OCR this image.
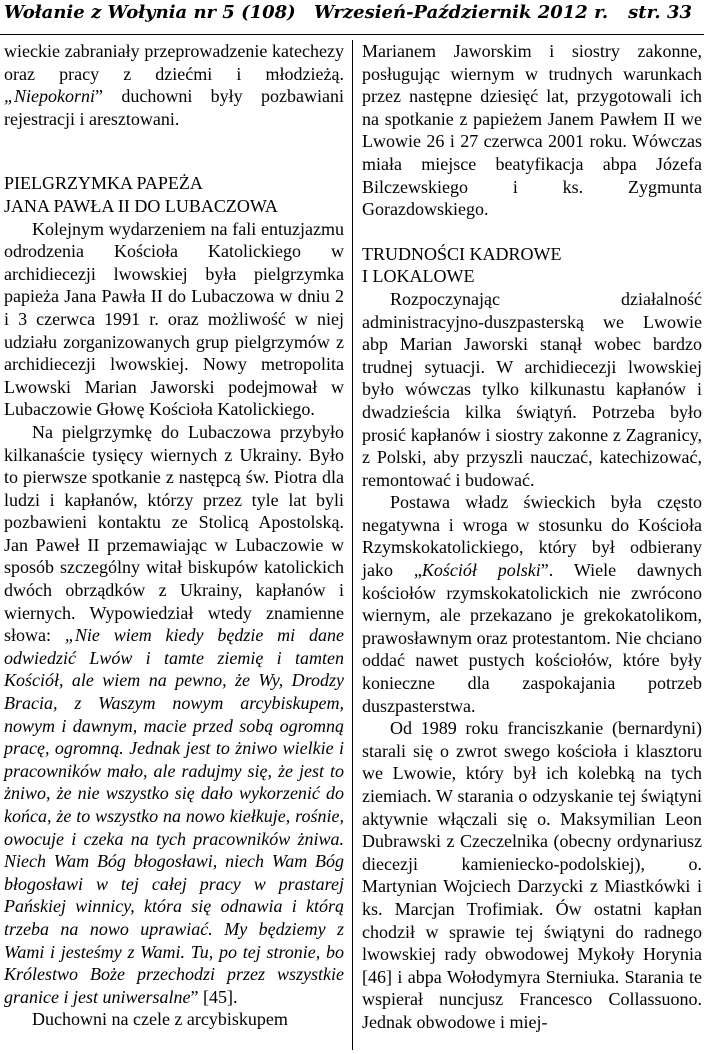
Wołanie z Wołynia nr 5 (108) Wrzesień-Październik 2012 r. str. 33

wieckie zabraniały przeprowadzenie katechezy oraz pracy z dziećmi i młodzieżą. „Niepokorni” duchowni były pozbawiani rejestracji i aresztowani.

PIELGRZYMKA PAPEŻA
JANA PAWŁA II DO LUBACZOWA

Kolejnym wydarzeniem na fali entuzjazmu odrodzenia Kościoła Katolickiego w archidiecezji lwowskiej była pielgrzymka papieża Jana Pawła II do Lubaczowa w dniu 2 i 3 czerwca 1991 r. oraz możliwość w niej udziału zorganizowanych grup pielgrzymów z archidiecezji lwowskiej. Nowy metropolita Lwowski Marian Jaworski podejmował w Lubaczowie Głowę Kościoła Katolickiego.

Na pielgrzymkę do Lubaczowa przybyło kilkanaście tysięcy wiernych z Ukrainy. Było to pierwsze spotkanie z następcą św. Piotra dla ludzi i kapłanów, którzy przez tyle lat byli pozbawieni kontaktu ze Stolicą Apostolską. Jan Paweł II przemawiając w Lubaczowie w sposób szczególny witał biskupów katolickich dwóch obrządków z Ukrainy, kapłanów i wiernych. Wypowiedział wtedy znamienne słowa: „Nie wiem kiedy będzie mi dane odwiedzić Lwów i tamte ziemię i tamten Kościół, ale wiem na pewno, że Wy, Drodzy Bracia, z Waszym nowym arcybiskupem, nowym i dawnym, macie przed sobą ogromną pracę, ogromną. Jednak jest to żniwo wielkie i pracowników mało, ale radujmy się, że jest to żniwo, że nie wszystko się dało wykorzenić do końca, że to wszystko na nowo kiełkuje, rośnie, owocuje i czeka na tych pracowników żniwa. Niech Wam Bóg błogosławi, niech Wam Bóg błogosławi w tej całej pracy w prastarej Pańskiej winnicy, która się odnawia i którą trzeba na nowo uprawiać. My będziemy z Wami i jesteśmy z Wami. Tu, po tej stronie, bo Królestwo Boże przechodzi przez wszystkie granice i jest uniwersalne” [45].

Duchowni na czele z arcybiskupem

Marianem Jaworskim i siostry zakonne, posługując wiernym w trudnych warunkach przez następne dziesięć lat, przygotowali ich na spotkanie z papieżem Janem Pawłem II we Lwowie 26 i 27 czerwca 2001 roku. Wówczas miała miejsce beatyfikacja abpa Józefa Bilczewskiego i ks. Zygmunta Gorazdowskiego.

TRUDNOŚCI KADROWE
I LOKALOWE

Rozpoczynając działalność administracyjno-duszpasterską we Lwowie abp Marian Jaworski stanął wobec bardzo trudnej sytuacji. W archidiecezji lwowskiej było wówczas tylko kilkunastu kapłanów i dwadzieścia kilka świątyń. Potrzeba było prosić kapłanów i siostry zakonne z Zagranicy, z Polski, aby przyszli nauczać, katechizować, remontować i budować.

Postawa władz świeckich była często negatywna i wroga w stosunku do Kościoła Rzymskokatolickiego, który był odbierany jako „Kościół polski”. Wiele dawnych kościołów rzymskokatolickich nie zwrócono wiernym, ale przekazano je grekokatolikom, prawosławnym oraz protestantom. Nie chciano oddać nawet pustych kościołów, które były konieczne dla zaspokajania potrzeb duszpasterstwa.

Od 1989 roku franciszkanie (bernardyni) starali się o zwrot swego kościoła i klasztoru we Lwowie, który był ich kolebką na tych ziemiach. W starania o odzyskanie tej świątyni aktywnie włączali się o. Maksymilian Leon Dubrawski z Czeczelnika (obecny ordynariusz diecezji kamieniecko-podolskiej), o. Martynian Wojciech Darzycki z Miastkówki i ks. Marcjan Trofimiak. Ów ostatni kapłan chodził w sprawie tej świątyni do radnego lwowskiej rady obwodowej Mykoły Horynia [46] i abpa Wołodymyra Sterniuka. Starania te wspierał nuncjusz Francesco Collassuono. Jednak obwodowe i miej-
